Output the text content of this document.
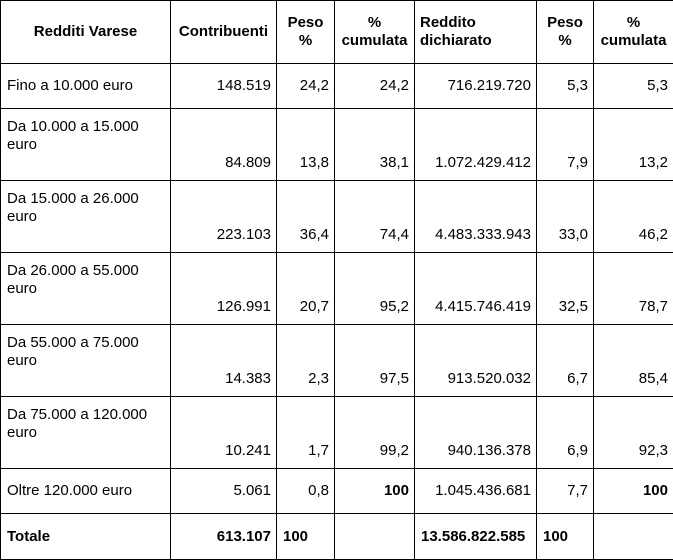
Redditi Varese	Contribuenti	Peso %	% cumulata	Reddito dichiarato	Peso %	% cumulata
Fino a 10.000 euro	148.519	24,2	24,2	716.219.720	5,3	5,3
Da 10.000 a 15.000 euro	84.809	13,8	38,1	1.072.429.412	7,9	13,2
Da 15.000 a 26.000 euro	223.103	36,4	74,4	4.483.333.943	33,0	46,2
Da 26.000 a 55.000 euro	126.991	20,7	95,2	4.415.746.419	32,5	78,7
Da 55.000 a 75.000 euro	14.383	2,3	97,5	913.520.032	6,7	85,4
Da 75.000 a 120.000 euro	10.241	1,7	99,2	940.136.378	6,9	92,3
Oltre 120.000 euro	5.061	0,8	100	1.045.436.681	7,7	100
Totale	613.107	100		13.586.822.585	100	
